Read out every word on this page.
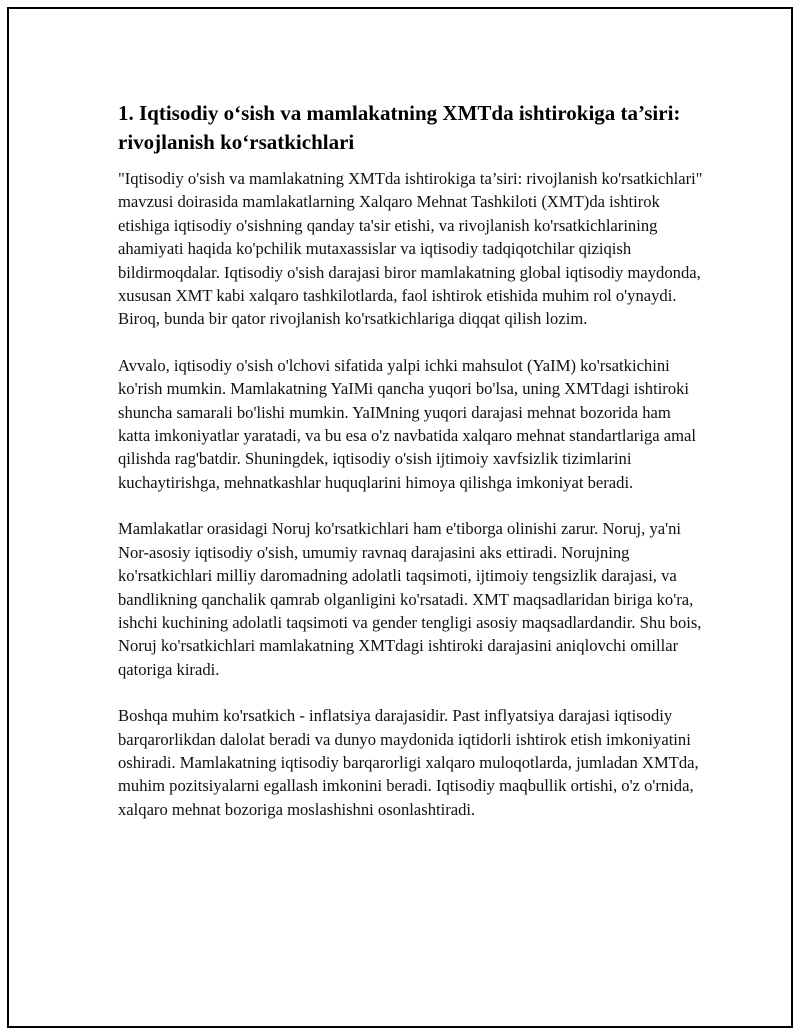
1. Iqtisodiy o‘sish va mamlakatning XMTda ishtirokiga ta’siri: rivojlanish ko‘rsatkichlari

"Iqtisodiy o'sish va mamlakatning XMTda ishtirokiga ta’siri: rivojlanish ko'rsatkichlari" mavzusi doirasida mamlakatlarning Xalqaro Mehnat Tashkiloti (XMT)da ishtirok etishiga iqtisodiy o'sishning qanday ta'sir etishi, va rivojlanish ko'rsatkichlarining ahamiyati haqida ko'pchilik mutaxassislar va iqtisodiy tadqiqotchilar qiziqish bildirmoqdalar. Iqtisodiy o'sish darajasi biror mamlakatning global iqtisodiy maydonda, xususan XMT kabi xalqaro tashkilotlarda, faol ishtirok etishida muhim rol o'ynaydi. Biroq, bunda bir qator rivojlanish ko'rsatkichlariga diqqat qilish lozim.

Avvalo, iqtisodiy o'sish o'lchovi sifatida yalpi ichki mahsulot (YaIM) ko'rsatkichini ko'rish mumkin. Mamlakatning YaIMi qancha yuqori bo'lsa, uning XMTdagi ishtiroki shuncha samarali bo'lishi mumkin. YaIMning yuqori darajasi mehnat bozorida ham katta imkoniyatlar yaratadi, va bu esa o'z navbatida xalqaro mehnat standartlariga amal qilishda rag'batdir. Shuningdek, iqtisodiy o'sish ijtimoiy xavfsizlik tizimlarini kuchaytirishga, mehnatkashlar huquqlarini himoya qilishga imkoniyat beradi.

Mamlakatlar orasidagi Noruj ko'rsatkichlari ham e'tiborga olinishi zarur. Noruj, ya'ni Nor-asosiy iqtisodiy o'sish, umumiy ravnaq darajasini aks ettiradi. Norujning ko'rsatkichlari milliy daromadning adolatli taqsimoti, ijtimoiy tengsizlik darajasi, va bandlikning qanchalik qamrab olganligini ko'rsatadi. XMT maqsadlaridan biriga ko'ra, ishchi kuchining adolatli taqsimoti va gender tengligi asosiy maqsadlardandir. Shu bois, Noruj ko'rsatkichlari mamlakatning XMTdagi ishtiroki darajasini aniqlovchi omillar qatoriga kiradi.

Boshqa muhim ko'rsatkich - inflatsiya darajasidir. Past inflyatsiya darajasi iqtisodiy barqarorlikdan dalolat beradi va dunyo maydonida iqtidorli ishtirok etish imkoniyatini oshiradi. Mamlakatning iqtisodiy barqarorligi xalqaro muloqotlarda, jumladan XMTda, muhim pozitsiyalarni egallash imkonini beradi. Iqtisodiy maqbullik ortishi, o'z o'rnida, xalqaro mehnat bozoriga moslashishni osonlashtiradi.
